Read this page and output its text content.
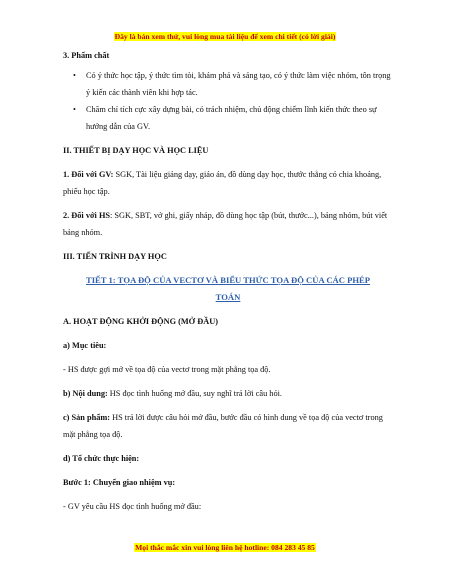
Đây là bản xem thử, vui lòng mua tài liệu để xem chi tiết (có lời giải)

3. Phẩm chất

• Có ý thức học tập, ý thức tìm tòi, khám phá và sáng tạo, có ý thức làm việc nhóm, tôn trọng ý kiến các thành viên khi hợp tác.
• Chăm chỉ tích cực xây dựng bài, có trách nhiệm, chủ động chiếm lĩnh kiến thức theo sự hướng dẫn của GV.

II. THIẾT BỊ DẠY HỌC VÀ HỌC LIỆU

1. Đối với GV: SGK, Tài liệu giảng dạy, giáo án, đồ dùng dạy học, thước thẳng có chia khoảng, phiếu học tập.

2. Đối với HS: SGK, SBT, vở ghi, giấy nháp, đồ dùng học tập (bút, thước...), bảng nhóm, bút viết bảng nhóm.

III. TIẾN TRÌNH DẠY HỌC

TIẾT 1: TỌA ĐỘ CỦA VECTƠ VÀ BIỂU THỨC TỌA ĐỘ CỦA CÁC PHÉP
TOÁN

A. HOẠT ĐỘNG KHỞI ĐỘNG (MỞ ĐẦU)

a) Mục tiêu:

- HS được gợi mở về tọa độ của vectơ trong mặt phẳng tọa độ.

b) Nội dung: HS đọc tình huống mở đầu, suy nghĩ trả lời câu hỏi.

c) Sản phẩm: HS trả lời được câu hỏi mở đầu, bước đầu có hình dung về tọa độ của vectơ trong mặt phẳng tọa độ.

d) Tổ chức thực hiện:

Bước 1: Chuyển giao nhiệm vụ:

- GV yêu cầu HS đọc tình huống mở đầu:

Mọi thắc mắc xin vui lòng liên hệ hotline: 084 283 45 85
